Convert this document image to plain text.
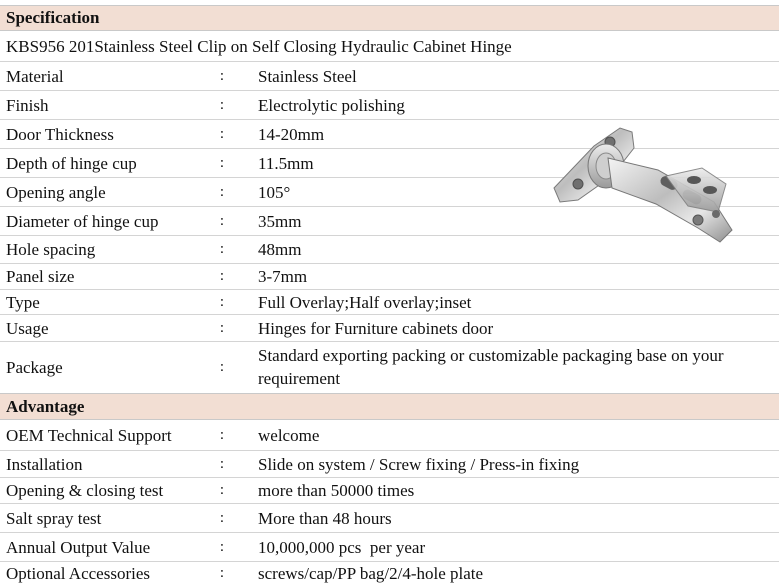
Specification
KBS956 201Stainless Steel Clip on Self Closing Hydraulic Cabinet Hinge
Material	: Stainless Steel
Finish	: Electrolytic polishing
Door Thickness	: 14-20mm
Depth of hinge cup	: 11.5mm
Opening angle	: 105°
Diameter of hinge cup	: 35mm
Hole spacing	: 48mm
Panel size	: 3-7mm
Type	: Full Overlay;Half overlay;inset
Usage	: Hinges for Furniture cabinets door
Package	:
Standard exporting packing or customizable packaging base on your requirement
Advantage
OEM Technical Support	: welcome
Installation	: Slide on system / Screw fixing / Press-in fixing
Opening & closing test	: more than 50000 times
Salt spray test	: More than 48 hours
Annual Output Value	: 10,000,000 pcs  per year
Optional Accessories	: screws/cap/PP bag/2/4-hole plate
